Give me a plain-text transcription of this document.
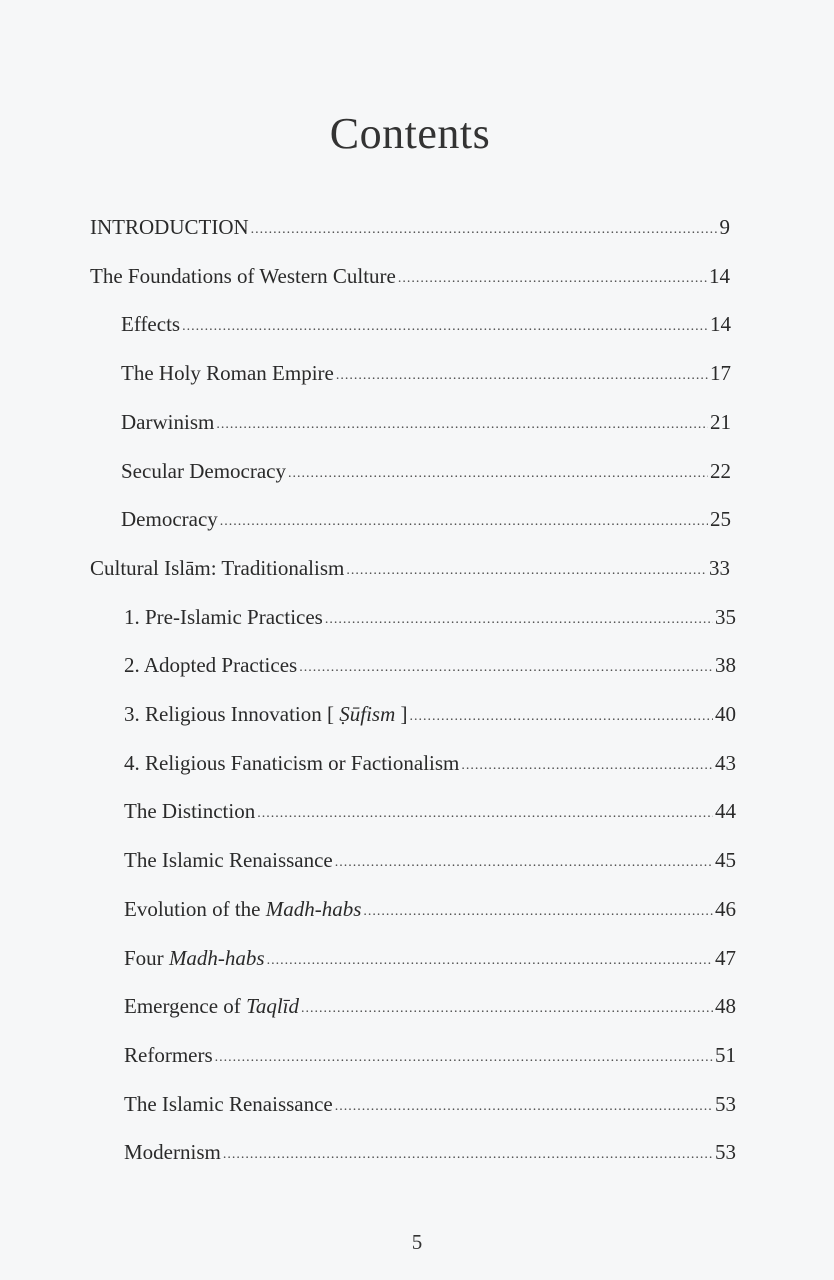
Contents
INTRODUCTION .....	9
The Foundations of Western Culture .....	14
Effects .....	14
The Holy Roman Empire .....	17
Darwinism .....	21
Secular Democracy .....	22
Democracy .....	25
Cultural Islām: Traditionalism .....	33
1. Pre-Islamic Practices .....	35
2. Adopted Practices .....	38
3. Religious Innovation [ Ṣūfism ] .....	40
4. Religious Fanaticism or Factionalism .....	43
The Distinction .....	44
The Islamic Renaissance .....	45
Evolution of the Madh-habs .....	46
Four Madh-habs .....	47
Emergence of Taqlīd .....	48
Reformers .....	51
The Islamic Renaissance .....	53
Modernism .....	53
5
